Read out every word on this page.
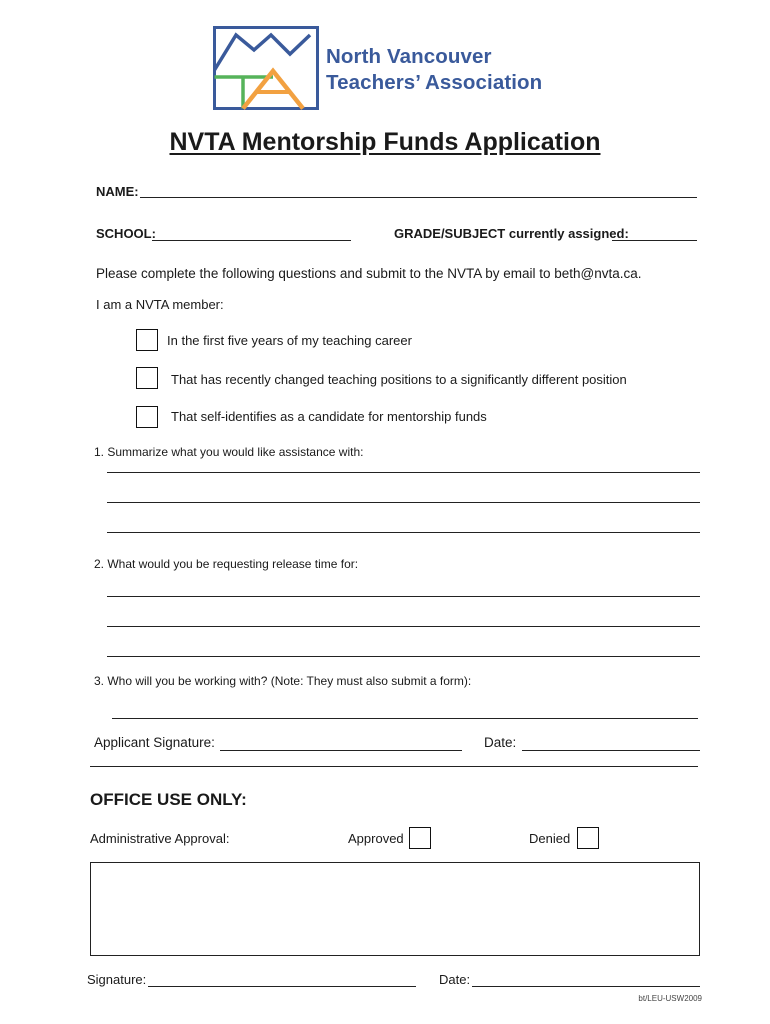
North Vancouver
Teachers’ Association
NVTA Mentorship Funds Application
NAME:
SCHOOL:	GRADE/SUBJECT currently assigned:
Please complete the following questions and submit to the NVTA by email to beth@nvta.ca.
I am a NVTA member:
In the first five years of my teaching career
That has recently changed teaching positions to a significantly different position
That self-identifies as a candidate for mentorship funds
1. Summarize what you would like assistance with:
2. What would you be requesting release time for:
3. Who will you be working with? (Note: They must also submit a form):
Applicant Signature:	Date:
OFFICE USE ONLY:
Administrative Approval:	Approved	Denied
Signature:	Date:
bt/LEU-USW2009
